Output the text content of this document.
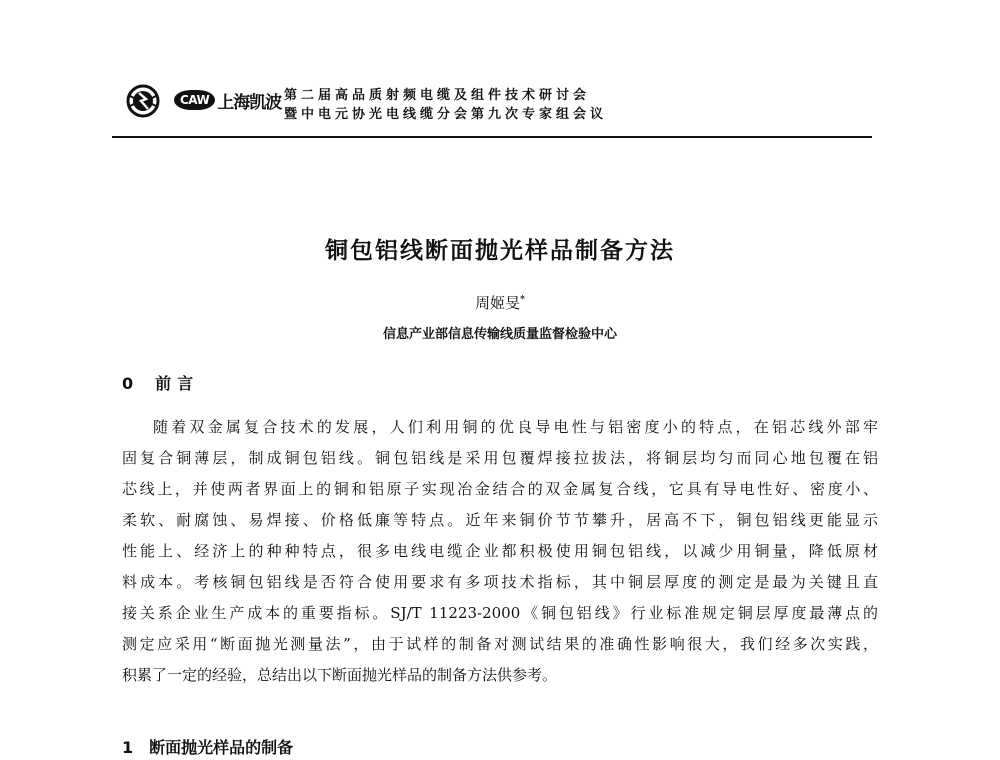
CAW 上海凯波 第二届高品质射频电缆及组件技术研讨会
暨中电元协光电线缆分会第九次专家组会议
铜包铝线断面抛光样品制备方法
周姬旻*
信息产业部信息传输线质量监督检验中心
0 前言
随着双金属复合技术的发展，人们利用铜的优良导电性与铝密度小的特点，在铝芯线外部牢
固复合铜薄层，制成铜包铝线。铜包铝线是采用包覆焊接拉拔法，将铜层均匀而同心地包覆在铝
芯线上，并使两者界面上的铜和铝原子实现冶金结合的双金属复合线，它具有导电性好、密度小、
柔软、耐腐蚀、易焊接、价格低廉等特点。近年来铜价节节攀升，居高不下，铜包铝线更能显示
性能上、经济上的种种特点，很多电线电缆企业都积极使用铜包铝线，以减少用铜量，降低原材
料成本。考核铜包铝线是否符合使用要求有多项技术指标，其中铜层厚度的测定是最为关键且直
接关系企业生产成本的重要指标。SJ/T 11223-2000《铜包铝线》行业标准规定铜层厚度最薄点的
测定应采用“断面抛光测量法”，由于试样的制备对测试结果的准确性影响很大，我们经多次实践，
积累了一定的经验，总结出以下断面抛光样品的制备方法供参考。
1 断面抛光样品的制备
